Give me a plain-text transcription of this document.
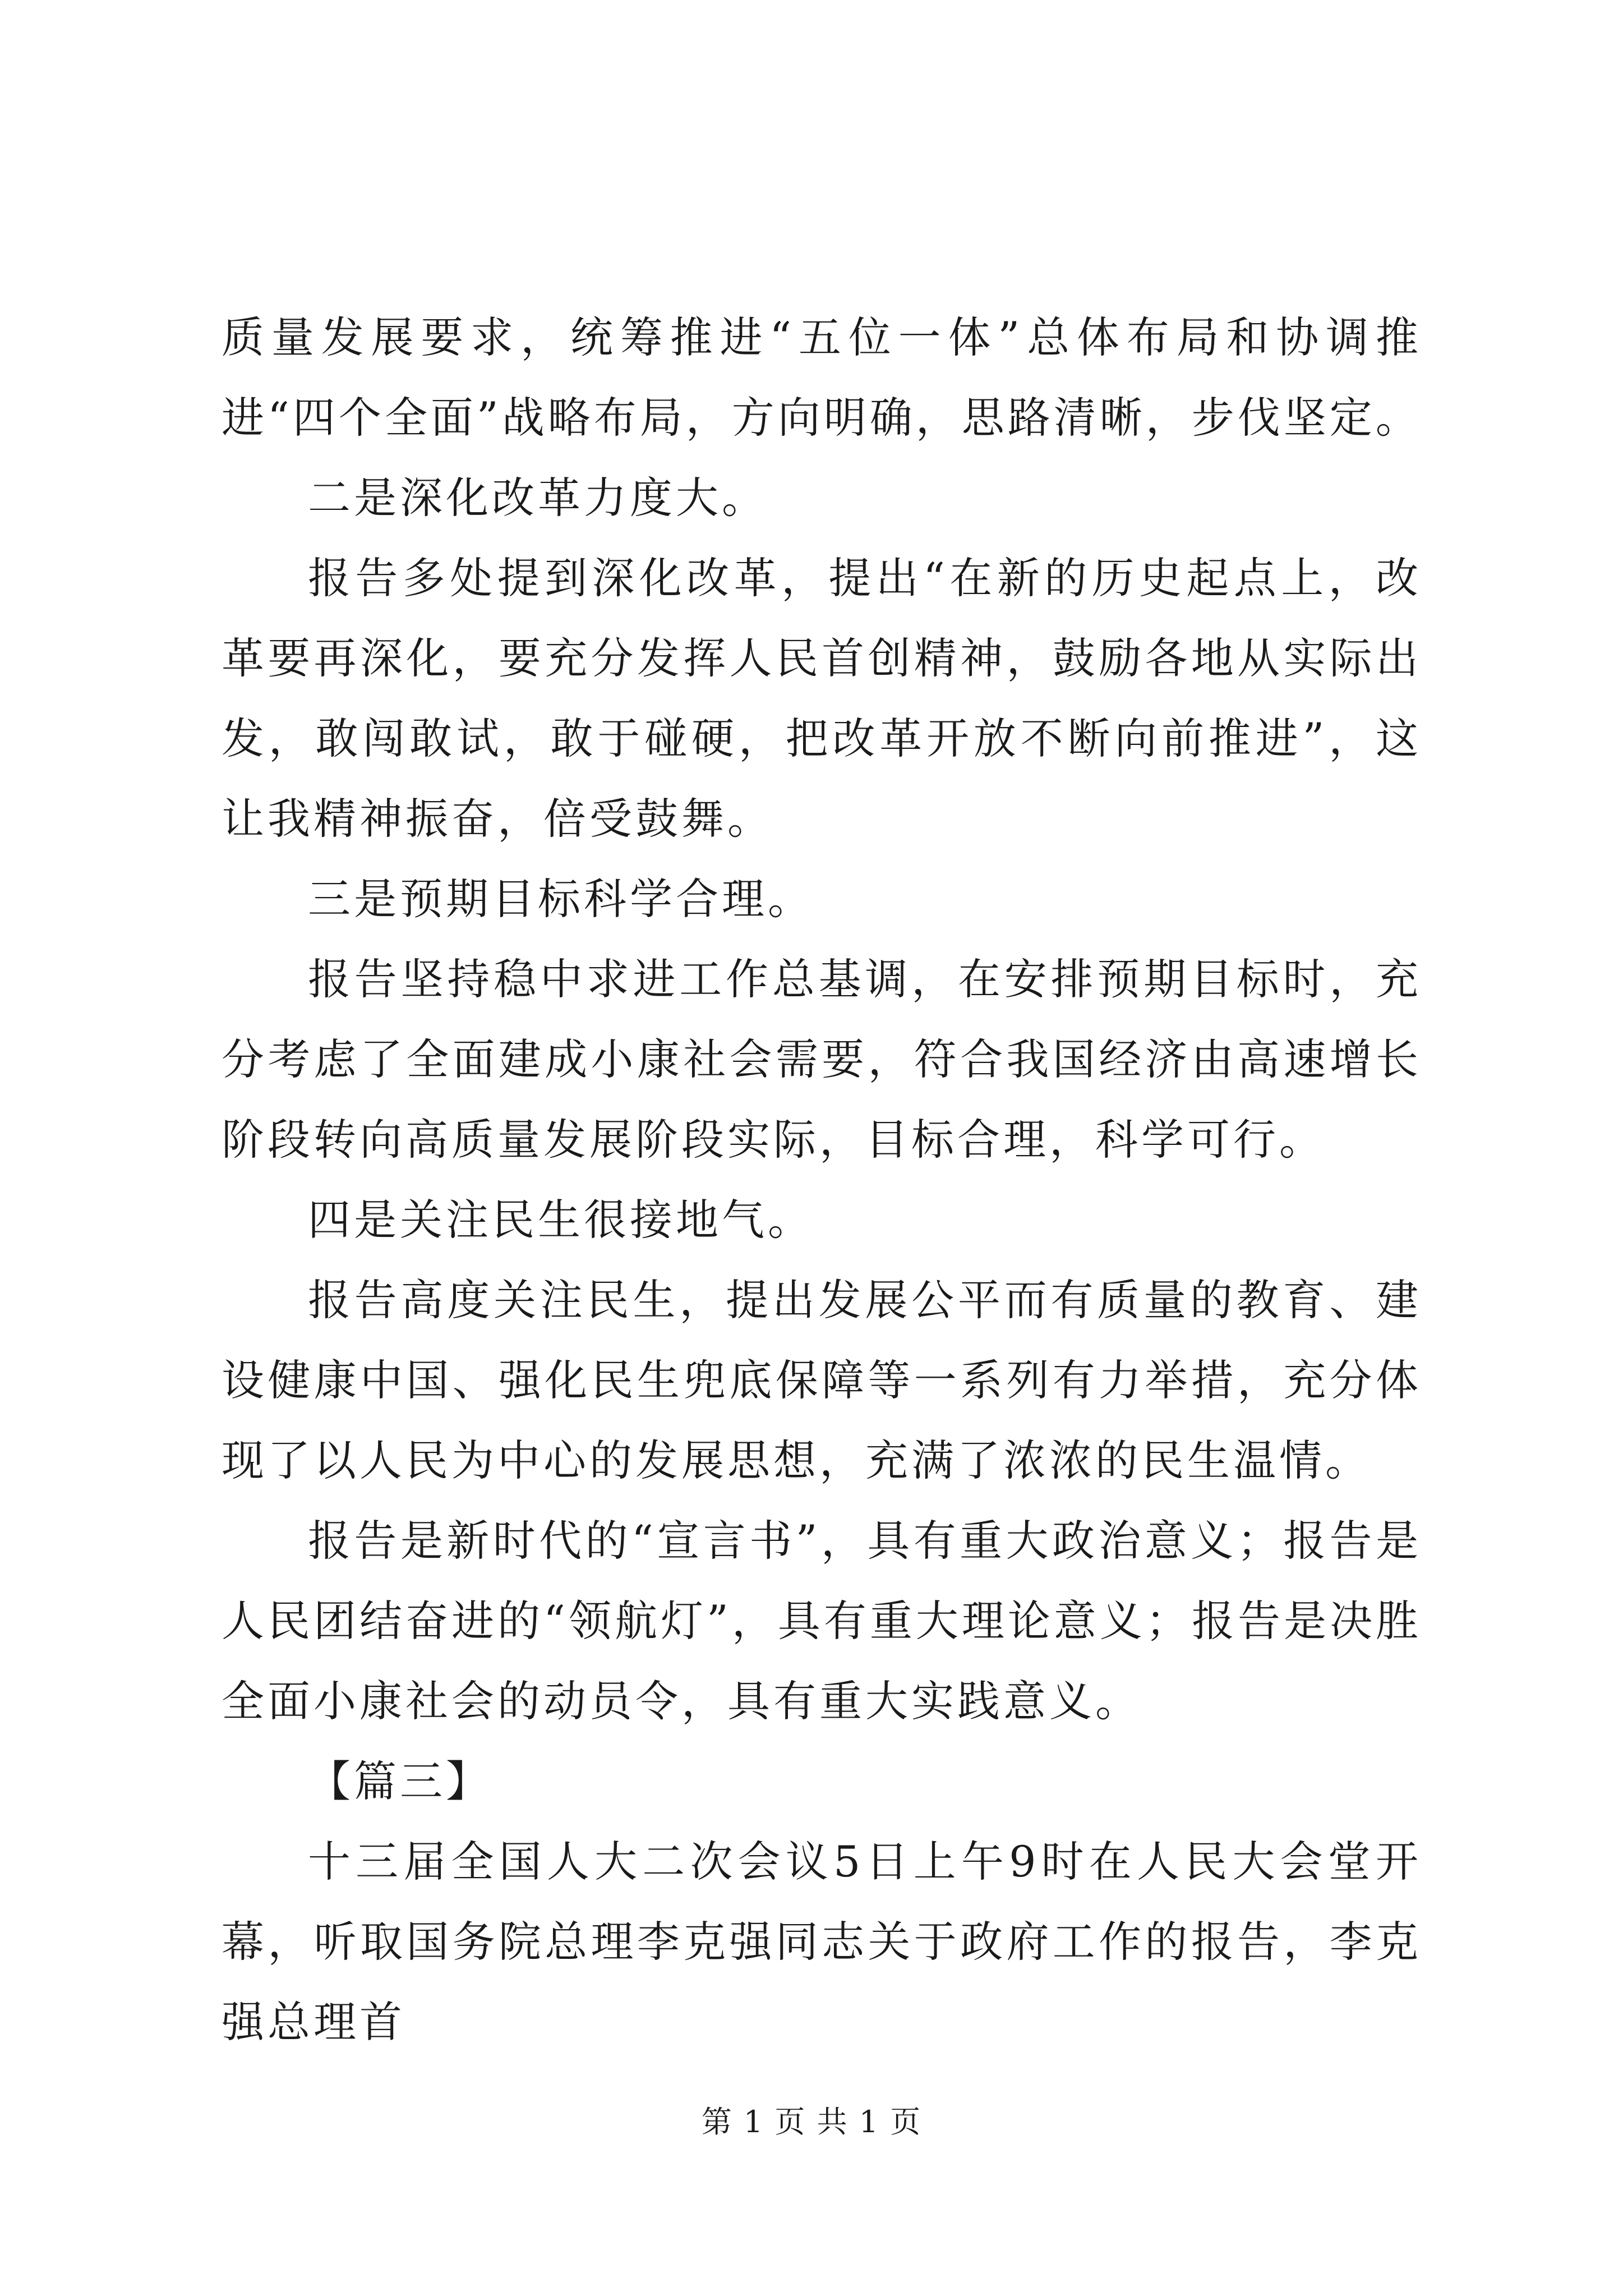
质量发展要求，统筹推进“五位一体”总体布局和协调推进“四个全面”战略布局，方向明确，思路清晰，步伐坚定。

二是深化改革力度大。

报告多处提到深化改革，提出“在新的历史起点上，改革要再深化，要充分发挥人民首创精神，鼓励各地从实际出发，敢闯敢试，敢于碰硬，把改革开放不断向前推进”，这让我精神振奋，倍受鼓舞。

三是预期目标科学合理。

报告坚持稳中求进工作总基调，在安排预期目标时，充分考虑了全面建成小康社会需要，符合我国经济由高速增长阶段转向高质量发展阶段实际，目标合理，科学可行。

四是关注民生很接地气。

报告高度关注民生，提出发展公平而有质量的教育、建设健康中国、强化民生兜底保障等一系列有力举措，充分体现了以人民为中心的发展思想，充满了浓浓的民生温情。

报告是新时代的“宣言书”，具有重大政治意义；报告是人民团结奋进的“领航灯”，具有重大理论意义；报告是决胜全面小康社会的动员令，具有重大实践意义。

【篇三】

十三届全国人大二次会议5日上午9时在人民大会堂开幕，听取国务院总理李克强同志关于政府工作的报告，李克强总理首

第 1 页 共 1 页
